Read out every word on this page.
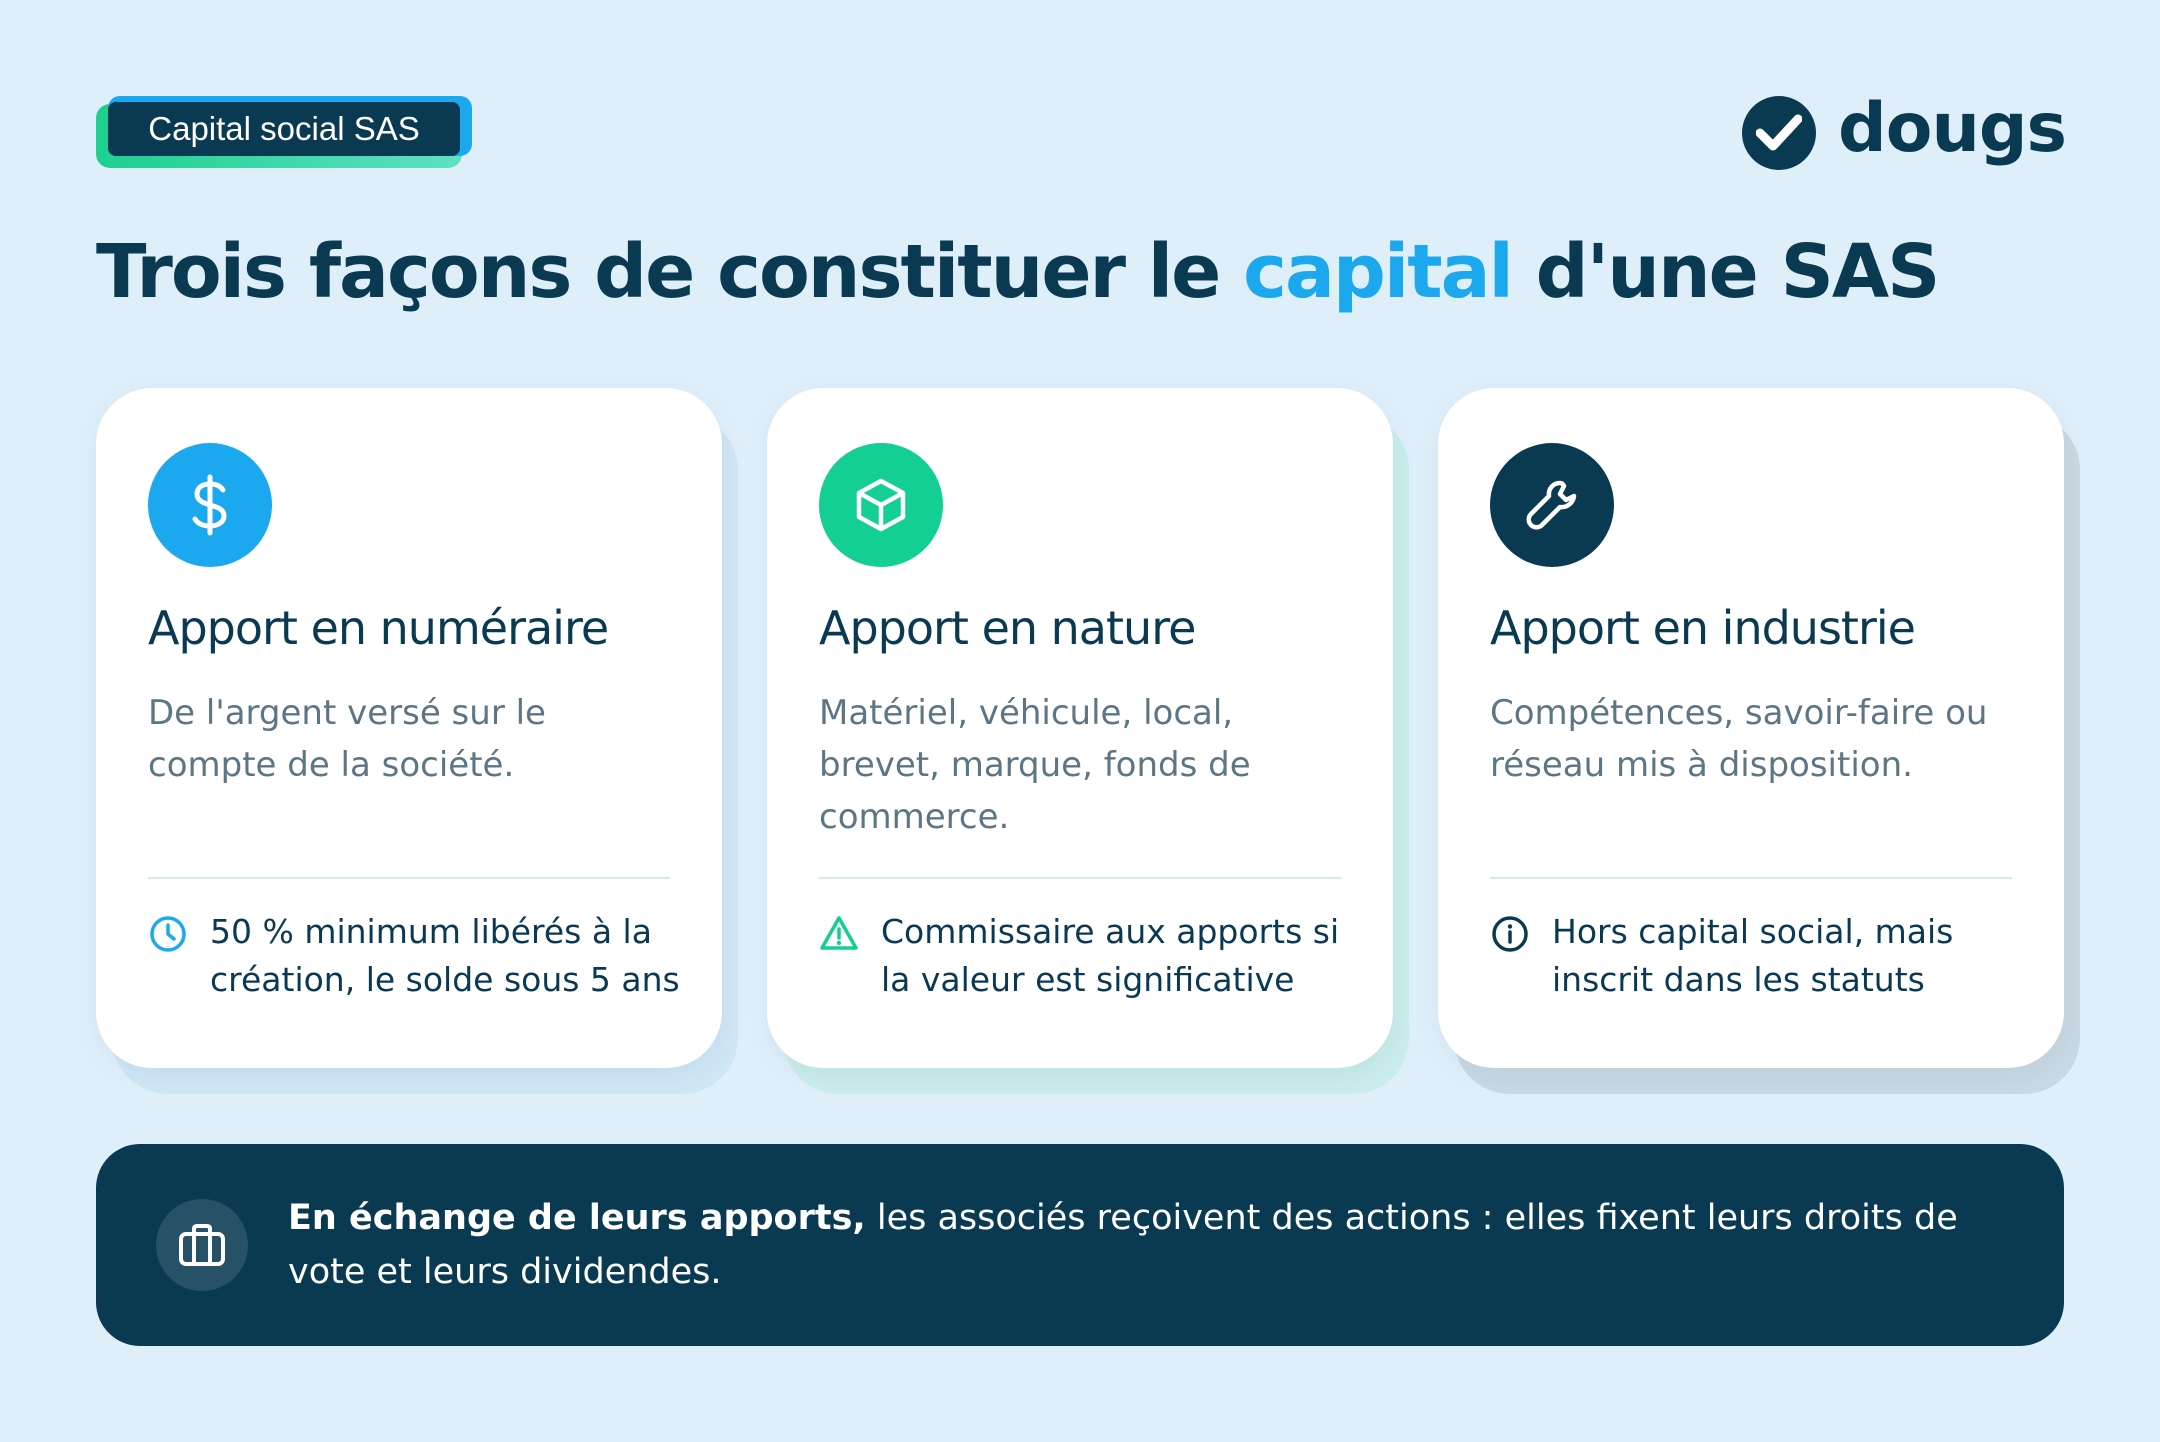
Capital social SAS	dougs
Trois façons de constituer le capital d'une SAS
Apport en numéraire

De l'argent versé sur le compte de la société.

50 % minimum libérés à la création, le solde sous 5 ans
Apport en nature

Matériel, véhicule, local, brevet, marque, fonds de commerce.

Commissaire aux apports si la valeur est significative
Apport en industrie

Compétences, savoir-faire ou réseau mis à disposition.

Hors capital social, mais inscrit dans les statuts

En échange de leurs apports, les associés reçoivent des actions : elles fixent leurs droits de vote et leurs dividendes.
